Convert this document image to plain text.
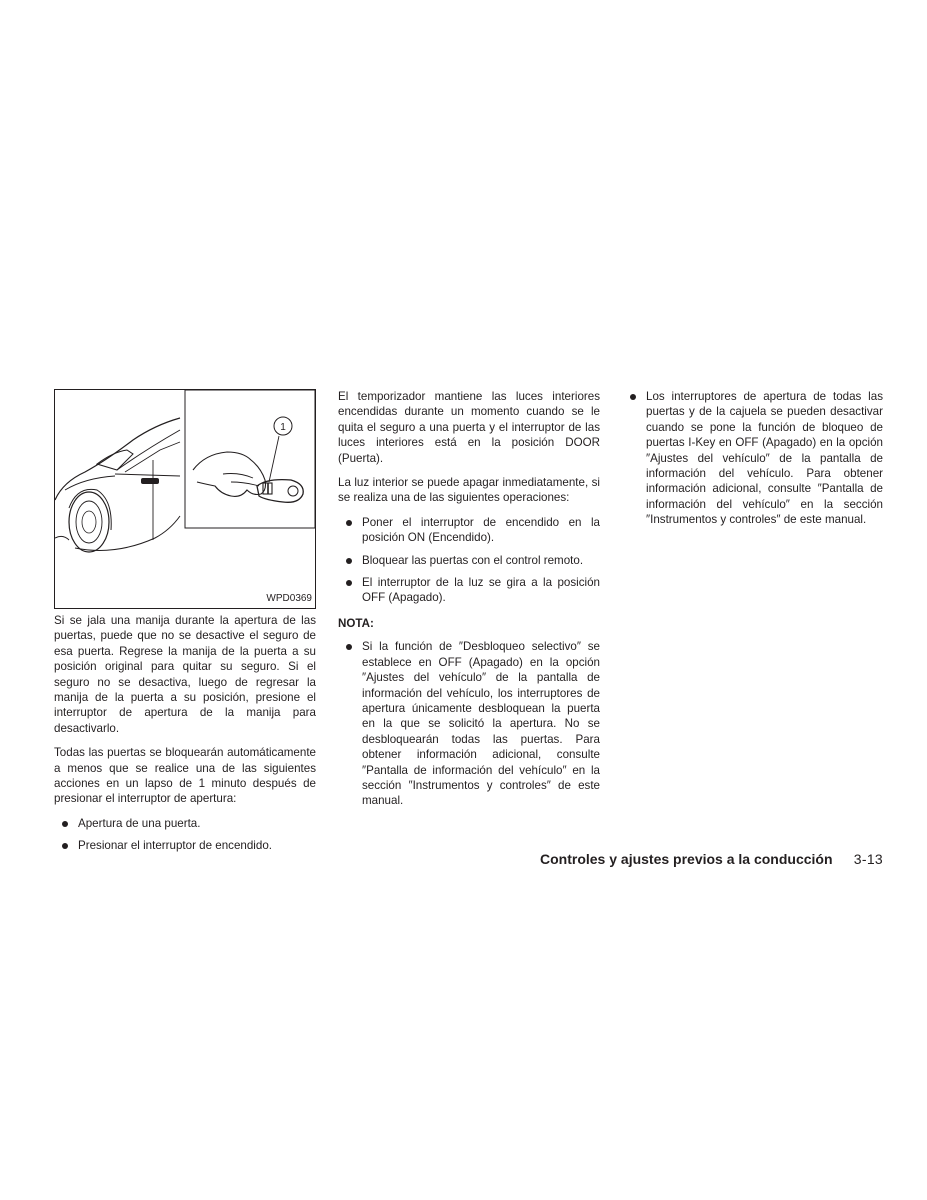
1
WPD0369

Si se jala una manija durante la apertura de las puertas, puede que no se desactive el seguro de esa puerta. Regrese la manija de la puerta a su posición original para quitar su seguro. Si el seguro no se desactiva, luego de regresar la manija de la puerta a su posición, presione el interruptor de apertura de la manija para desactivarlo.

Todas las puertas se bloquearán automáticamente a menos que se realice una de las siguientes acciones en un lapso de 1 minuto después de presionar el interruptor de apertura:

Apertura de una puerta.
Presionar el interruptor de encendido.

El temporizador mantiene las luces interiores encendidas durante un momento cuando se le quita el seguro a una puerta y el interruptor de las luces interiores está en la posición DOOR (Puerta).

La luz interior se puede apagar inmediatamente, si se realiza una de las siguientes operaciones:

Poner el interruptor de encendido en la posición ON (Encendido).
Bloquear las puertas con el control remoto.
El interruptor de la luz se gira a la posición OFF (Apagado).
NOTA:
Si la función de ″Desbloqueo selectivo″ se establece en OFF (Apagado) en la opción ″Ajustes del vehículo″ de la pantalla de información del vehículo, los interruptores de apertura únicamente desbloquean la puerta en la que se solicitó la apertura. No se desbloquearán todas las puertas. Para obtener información adicional, consulte ″Pantalla de información del vehículo″ en la sección ″Instrumentos y controles″ de este manual.
Los interruptores de apertura de todas las puertas y de la cajuela se pueden desactivar cuando se pone la función de bloqueo de puertas I-Key en OFF (Apagado) en la opción ″Ajustes del vehículo″ de la pantalla de información del vehículo. Para obtener información adicional, consulte ″Pantalla de información del vehículo″ en la sección ″Instrumentos y controles″ de este manual.
Controles y ajustes previos a la conducción 3-13
